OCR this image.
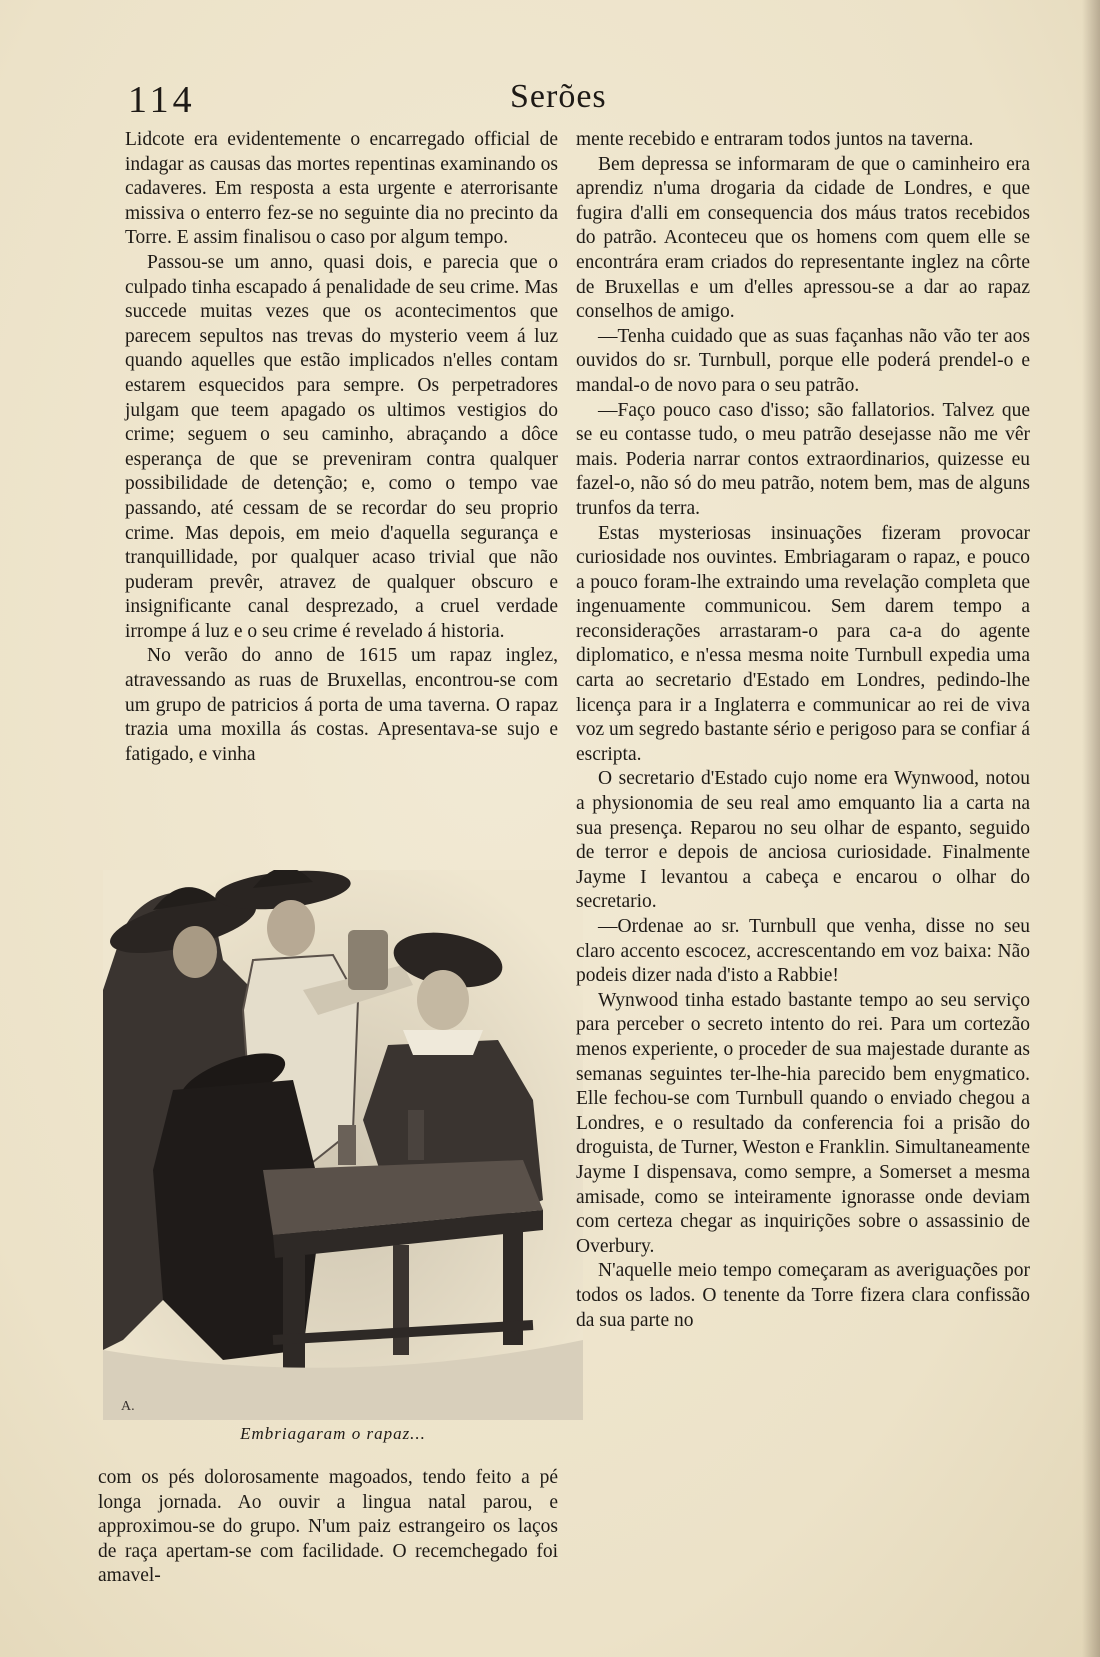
114	Serões

Lidcote era evidentemente o encarregado official de indagar as causas das mortes repentinas examinando os cadaveres. Em resposta a esta urgente e aterrorisante missiva o enterro fez-se no seguinte dia no precinto da Torre. E assim finalisou o caso por algum tempo.

Passou-se um anno, quasi dois, e parecia que o culpado tinha escapado á penalidade de seu crime. Mas succede muitas vezes que os acontecimentos que parecem sepultos nas trevas do mysterio veem á luz quando aquelles que estão implicados n'elles contam estarem esquecidos para sempre. Os perpetradores julgam que teem apagado os ultimos vestigios do crime; seguem o seu caminho, abraçando a dôce esperança de que se preveniram contra qualquer possibilidade de detenção; e, como o tempo vae passando, até cessam de se recordar do seu proprio crime. Mas depois, em meio d'aquella segurança e tranquillidade, por qualquer acaso trivial que não puderam prevêr, atravez de qualquer obscuro e insignificante canal desprezado, a cruel verdade irrompe á luz e o seu crime é revelado á historia.

No verão do anno de 1615 um rapaz inglez, atravessando as ruas de Bruxellas, encontrou-se com um grupo de patricios á porta de uma taverna. O rapaz trazia uma moxilla ás costas. Apresentava-se sujo e fatigado, e vinha

A.
Embriagaram o rapaz...

com os pés dolorosamente magoados, tendo feito a pé longa jornada. Ao ouvir a lingua natal parou, e approximou-se do grupo. N'um paiz estrangeiro os laços de raça apertam-se com facilidade. O recemchegado foi amavel-

mente recebido e entraram todos juntos na taverna.

Bem depressa se informaram de que o caminheiro era aprendiz n'uma drogaria da cidade de Londres, e que fugira d'alli em consequencia dos máus tratos recebidos do patrão. Aconteceu que os homens com quem elle se encontrára eram criados do representante inglez na côrte de Bruxellas e um d'elles apressou-se a dar ao rapaz conselhos de amigo.

—Tenha cuidado que as suas façanhas não vão ter aos ouvidos do sr. Turnbull, porque elle poderá prendel-o e mandal-o de novo para o seu patrão.

—Faço pouco caso d'isso; são fallatorios. Talvez que se eu contasse tudo, o meu patrão desejasse não me vêr mais. Poderia narrar contos extraordinarios, quizesse eu fazel-o, não só do meu patrão, notem bem, mas de alguns trunfos da terra.

Estas mysteriosas insinuações fizeram provocar curiosidade nos ouvintes. Embriagaram o rapaz, e pouco a pouco foram-lhe extraindo uma revelação completa que ingenuamente communicou. Sem darem tempo a reconsiderações arrastaram-o para ca-a do agente diplomatico, e n'essa mesma noite Turnbull expedia uma carta ao secretario d'Estado em Londres, pedindo-lhe licença para ir a Inglaterra e communicar ao rei de viva voz um segredo bastante sério e perigoso para se confiar á escripta.

O secretario d'Estado cujo nome era Wynwood, notou a physionomia de seu real amo emquanto lia a carta na sua presença. Reparou no seu olhar de espanto, seguido de terror e depois de anciosa curiosidade. Finalmente Jayme I levantou a cabeça e encarou o olhar do secretario.

—Ordenae ao sr. Turnbull que venha, disse no seu claro accento escocez, accrescentando em voz baixa: Não podeis dizer nada d'isto a Rabbie!

Wynwood tinha estado bastante tempo ao seu serviço para perceber o secreto intento do rei. Para um cortezão menos experiente, o proceder de sua majestade durante as semanas seguintes ter-lhe-hia parecido bem enygmatico. Elle fechou-se com Turnbull quando o enviado chegou a Londres, e o resultado da conferencia foi a prisão do droguista, de Turner, Weston e Franklin. Simultaneamente Jayme I dispensava, como sempre, a Somerset a mesma amisade, como se inteiramente ignorasse onde deviam com certeza chegar as inquirições sobre o assassinio de Overbury.

N'aquelle meio tempo começaram as averiguações por todos os lados. O tenente da Torre fizera clara confissão da sua parte no
